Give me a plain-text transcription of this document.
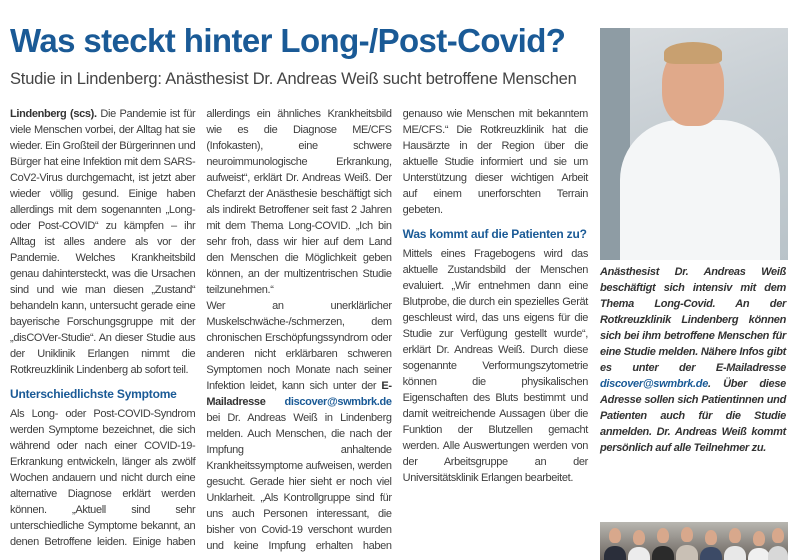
Was steckt hinter Long-/Post-Covid?
Studie in Lindenberg: Anästhesist Dr. Andreas Weiß sucht betroffene Menschen

Lindenberg (scs). Die Pandemie ist für viele Menschen vorbei, der Alltag hat sie wieder. Ein Großteil der Bürgerinnen und Bürger hat eine Infektion mit dem SARS-CoV2-Virus durchgemacht, ist jetzt aber wieder völlig gesund. Einige haben allerdings mit dem sogenannten „Long- oder Post-COVID“ zu kämpfen – ihr Alltag ist alles andere als vor der Pandemie. Welches Krankheitsbild genau dahintersteckt, was die Ursachen sind und wie man diesen „Zustand“ behandeln kann, untersucht gerade eine bayerische Forschungsgruppe mit der „disCOVer-Studie“. An dieser Studie aus der Uniklinik Erlangen nimmt die Rotkreuzklinik Lindenberg ab sofort teil.

Unterschiedlichste Symptome

Als Long- oder Post-COVID-Syndrom werden Symptome bezeichnet, die sich während oder nach einer COVID-19-Erkrankung entwickeln, länger als zwölf Wochen andauern und nicht durch eine alternative Diagnose erklärt werden können. „Aktuell sind sehr unterschiedliche Symptome bekannt, an denen Betroffene leiden. Einige haben allerdings ein ähnliches Krankheitsbild wie es die Diagnose ME/CFS (Infokasten), eine schwere neuroimmunologische Erkrankung, aufweist“, erklärt Dr. Andreas Weiß. Der Chefarzt der Anästhesie beschäftigt sich als indirekt Betroffener seit fast 2 Jahren mit dem Thema Long-COVID. „Ich bin sehr froh, dass wir hier auf dem Land den Menschen die Möglichkeit geben können, an der multizentrischen Studie teilzunehmen.“

Wer an unerklärlicher Muskelschwäche-/schmerzen, dem chronischen Erschöpfungssyndrom oder anderen nicht erklärbaren schweren Symptomen noch Monate nach seiner Infektion leidet, kann sich unter der E-Mailadresse discover@swmbrk.de bei Dr. Andreas Weiß in Lindenberg melden. Auch Menschen, die nach der Impfung anhaltende Krankheitssymptome aufweisen, werden gesucht. Gerade hier sieht er noch viel Unklarheit. „Als Kontrollgruppe sind für uns auch Personen interessant, die bisher von Covid-19 verschont wurden und keine Impfung erhalten haben genauso wie Menschen mit bekanntem ME/CFS.“ Die Rotkreuzklinik hat die Hausärzte in der Region über die aktuelle Studie informiert und sie um Unterstützung dieser wichtigen Arbeit auf einem unerforschten Terrain gebeten.

Was kommt auf die Patienten zu?

Mittels eines Fragebogens wird das aktuelle Zustandsbild der Menschen evaluiert. „Wir entnehmen dann eine Blutprobe, die durch ein spezielles Gerät geschleust wird, das uns eigens für die Studie zur Verfügung gestellt wurde“, erklärt Dr. Andreas Weiß. Durch diese sogenannte Verformungszytometrie können die physikalischen Eigenschaften des Bluts bestimmt und damit weitreichende Aussagen über die Funktion der Blutzellen gemacht werden. Alle Auswertungen werden von der Arbeitsgruppe an der Universitätsklinik Erlangen bearbeitet.

Anästhesist Dr. Andreas Weiß beschäftigt sich intensiv mit dem Thema Long-Covid. An der Rotkreuzklinik Lindenberg können sich bei ihm betroffene Menschen für eine Studie melden. Nähere Infos gibt es unter der E-Mailadresse discover@swmbrk.de. Über diese Adresse sollen sich Patientinnen und Patienten auch für die Studie anmelden. Dr. Andreas Weiß kommt persönlich auf alle Teilnehmer zu.
